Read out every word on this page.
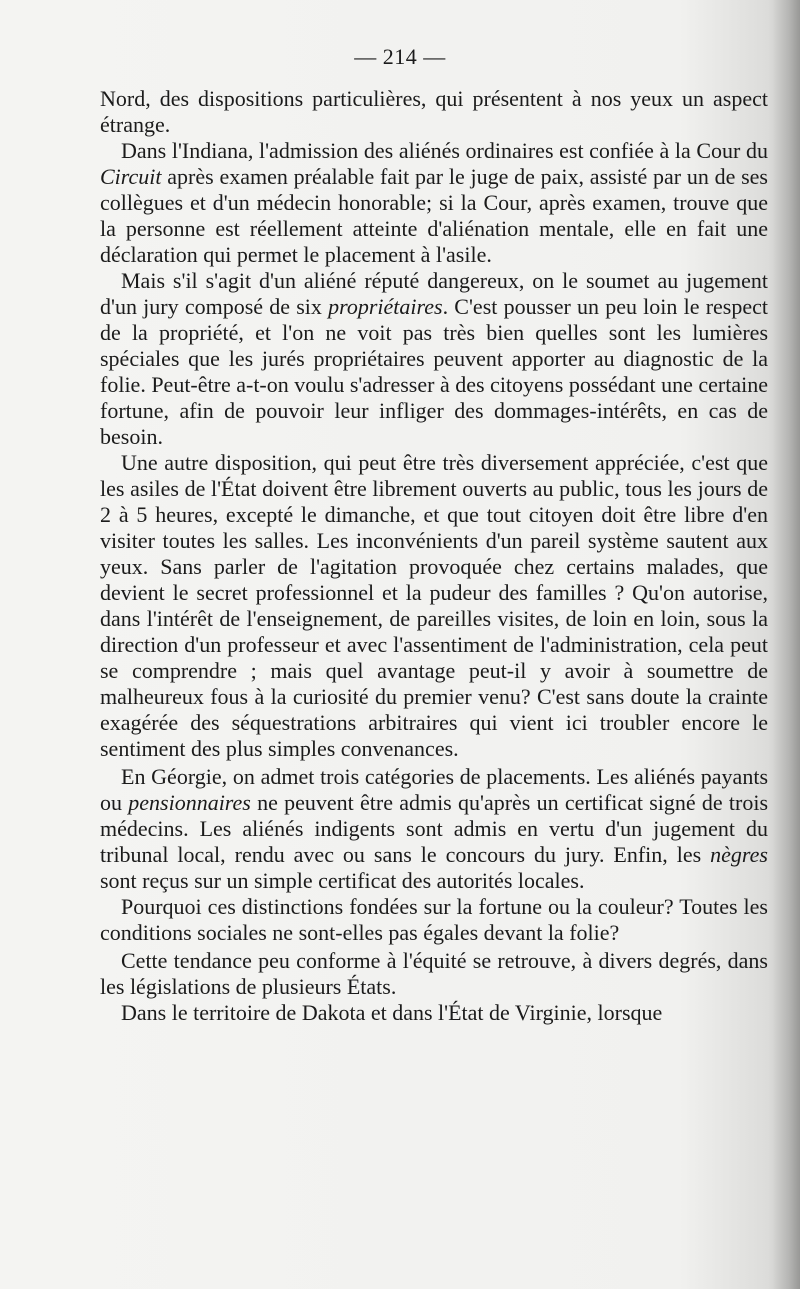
— 214 —

Nord, des dispositions particulières, qui présentent à nos yeux un aspect étrange.

Dans l'Indiana, l'admission des aliénés ordinaires est confiée à la Cour du Circuit après examen préalable fait par le juge de paix, assisté par un de ses collègues et d'un médecin honorable; si la Cour, après examen, trouve que la personne est réellement atteinte d'aliénation mentale, elle en fait une déclaration qui permet le placement à l'asile.

Mais s'il s'agit d'un aliéné réputé dangereux, on le soumet au jugement d'un jury composé de six propriétaires. C'est pousser un peu loin le respect de la propriété, et l'on ne voit pas très bien quelles sont les lumières spéciales que les jurés propriétaires peuvent apporter au diagnostic de la folie. Peut-être a-t-on voulu s'adresser à des citoyens possédant une certaine fortune, afin de pouvoir leur infliger des dommages-intérêts, en cas de besoin.

Une autre disposition, qui peut être très diversement appréciée, c'est que les asiles de l'État doivent être librement ouverts au public, tous les jours de 2 à 5 heures, excepté le dimanche, et que tout citoyen doit être libre d'en visiter toutes les salles. Les inconvénients d'un pareil système sautent aux yeux. Sans parler de l'agitation provoquée chez certains malades, que devient le secret professionnel et la pudeur des familles ? Qu'on autorise, dans l'intérêt de l'enseignement, de pareilles visites, de loin en loin, sous la direction d'un professeur et avec l'assentiment de l'administration, cela peut se comprendre ; mais quel avantage peut-il y avoir à soumettre de malheureux fous à la curiosité du premier venu? C'est sans doute la crainte exagérée des séquestrations arbitraires qui vient ici troubler encore le sentiment des plus simples convenances.

En Géorgie, on admet trois catégories de placements. Les aliénés payants ou pensionnaires ne peuvent être admis qu'après un certificat signé de trois médecins. Les aliénés indigents sont admis en vertu d'un jugement du tribunal local, rendu avec ou sans le concours du jury. Enfin, les nègres sont reçus sur un simple certificat des autorités locales.

Pourquoi ces distinctions fondées sur la fortune ou la couleur? Toutes les conditions sociales ne sont-elles pas égales devant la folie?

Cette tendance peu conforme à l'équité se retrouve, à divers degrés, dans les législations de plusieurs États.

Dans le territoire de Dakota et dans l'État de Virginie, lorsque
